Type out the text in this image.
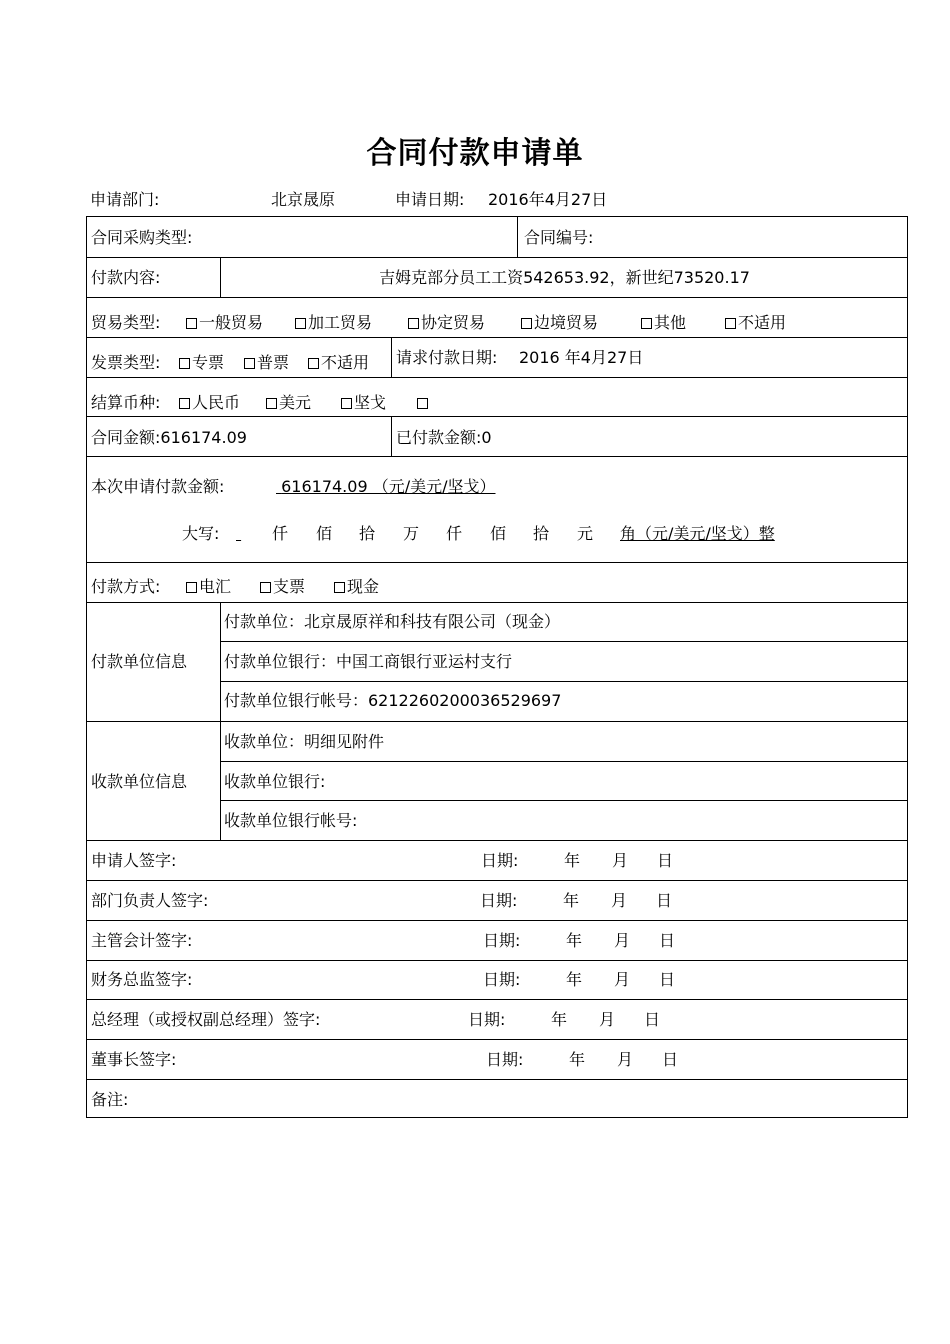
合同付款申请单
申请部门:	北京晟原	申请日期: 2016年4月27日
合同采购类型:	合同编号:
付款内容:	吉姆克部分员工工资542653.92，新世纪73520.17
贸易类型:	一般贸易	加工贸易	协定贸易	边境贸易	其他	不适用
发票类型:	专票	普票	不适用 请求付款日期: 2016 年4月27日
结算币种:	人民币	美元	坚戈
合同金额:616174.09	已付款金额:0
本次申请付款金额:	616174.09 （元/美元/坚戈）
大写:
	仟 佰 拾 万 仟 佰 拾 元 角（元/美元/坚戈）整
付款方式:	电汇	支票	现金
付款单位信息
付款单位：北京晟原祥和科技有限公司（现金）
付款单位银行：中国工商银行亚运村支行
付款单位银行帐号：6212260200036529697
收款单位信息
收款单位：明细见附件
收款单位银行:
收款单位银行帐号:
申请人签字:	日期:	年 月 日
部门负责人签字:	日期:	年 月 日
主管会计签字:	日期:	年 月 日
财务总监签字:	日期:	年 月 日
总经理（或授权副总经理）签字:	日期:	年 月 日
董事长签字:	日期:	年 月 日
备注:
